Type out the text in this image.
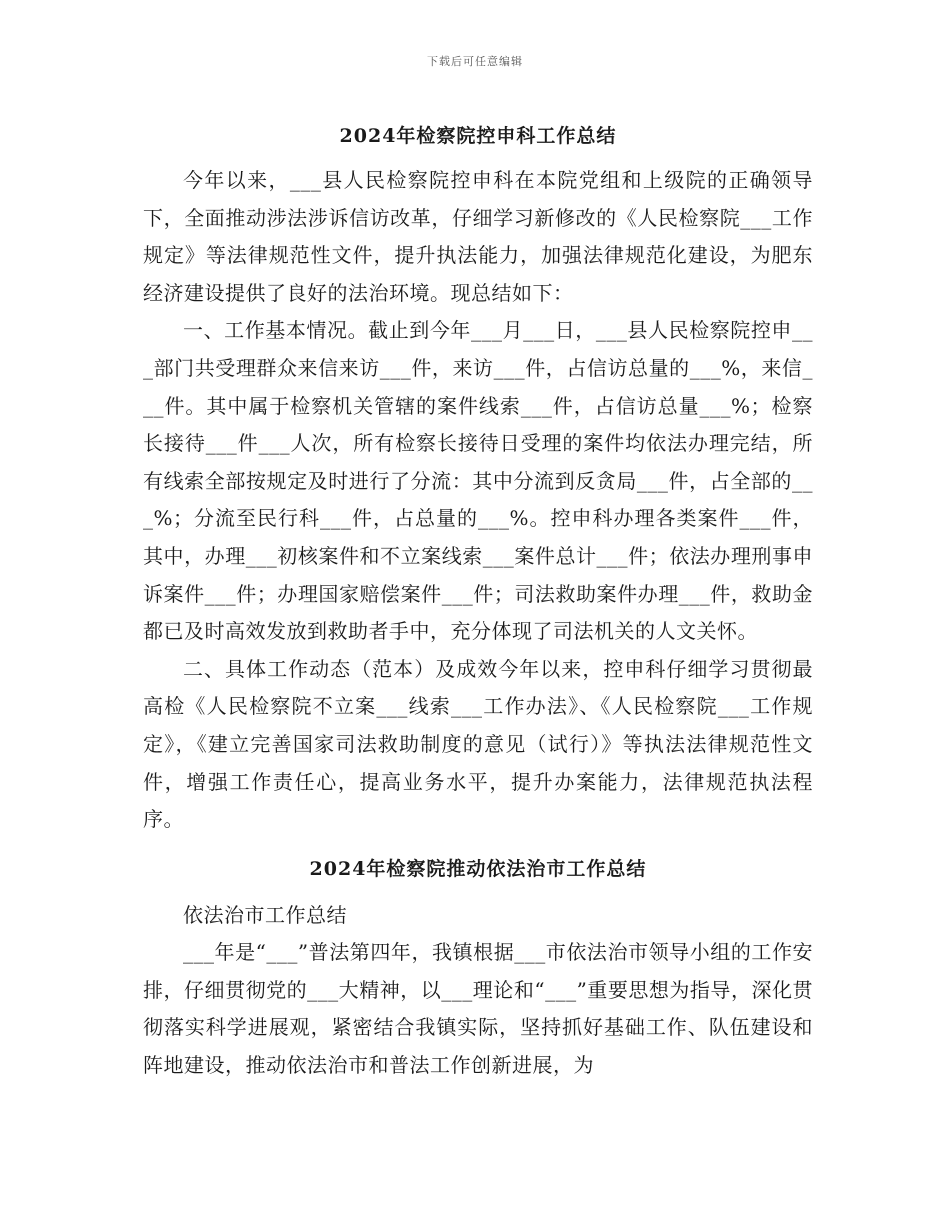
下载后可任意编辑
2024年检察院控申科工作总结

今年以来，___县人民检察院控申科在本院党组和上级院的正确领导下，全面推动涉法涉诉信访改革，仔细学习新修改的《人民检察院___工作规定》等法律规范性文件，提升执法能力，加强法律规范化建设，为肥东经济建设提供了良好的法治环境。现总结如下：

一、工作基本情况。截止到今年___月___日，___县人民检察院控申___部门共受理群众来信来访___件，来访___件，占信访总量的___%，来信___件。其中属于检察机关管辖的案件线索___件，占信访总量___%；检察长接待___件___人次，所有检察长接待日受理的案件均依法办理完结，所有线索全部按规定及时进行了分流：其中分流到反贪局___件，占全部的___%；分流至民行科___件，占总量的___%。控申科办理各类案件___件，其中，办理___初核案件和不立案线索___案件总计___件；依法办理刑事申诉案件___件；办理国家赔偿案件___件；司法救助案件办理___件，救助金都已及时高效发放到救助者手中，充分体现了司法机关的人文关怀。

二、具体工作动态（范本）及成效今年以来，控申科仔细学习贯彻最高检《人民检察院不立案___线索___工作办法》、《人民检察院___工作规定》，《建立完善国家司法救助制度的意见（试行）》等执法法律规范性文件，增强工作责任心，提高业务水平，提升办案能力，法律规范执法程序。

2024年检察院推动依法治市工作总结

依法治市工作总结

___年是“___”普法第四年，我镇根据___市依法治市领导小组的工作安排，仔细贯彻党的___大精神，以___理论和“___”重要思想为指导，深化贯彻落实科学进展观，紧密结合我镇实际，坚持抓好基础工作、队伍建设和阵地建设，推动依法治市和普法工作创新进展，为
